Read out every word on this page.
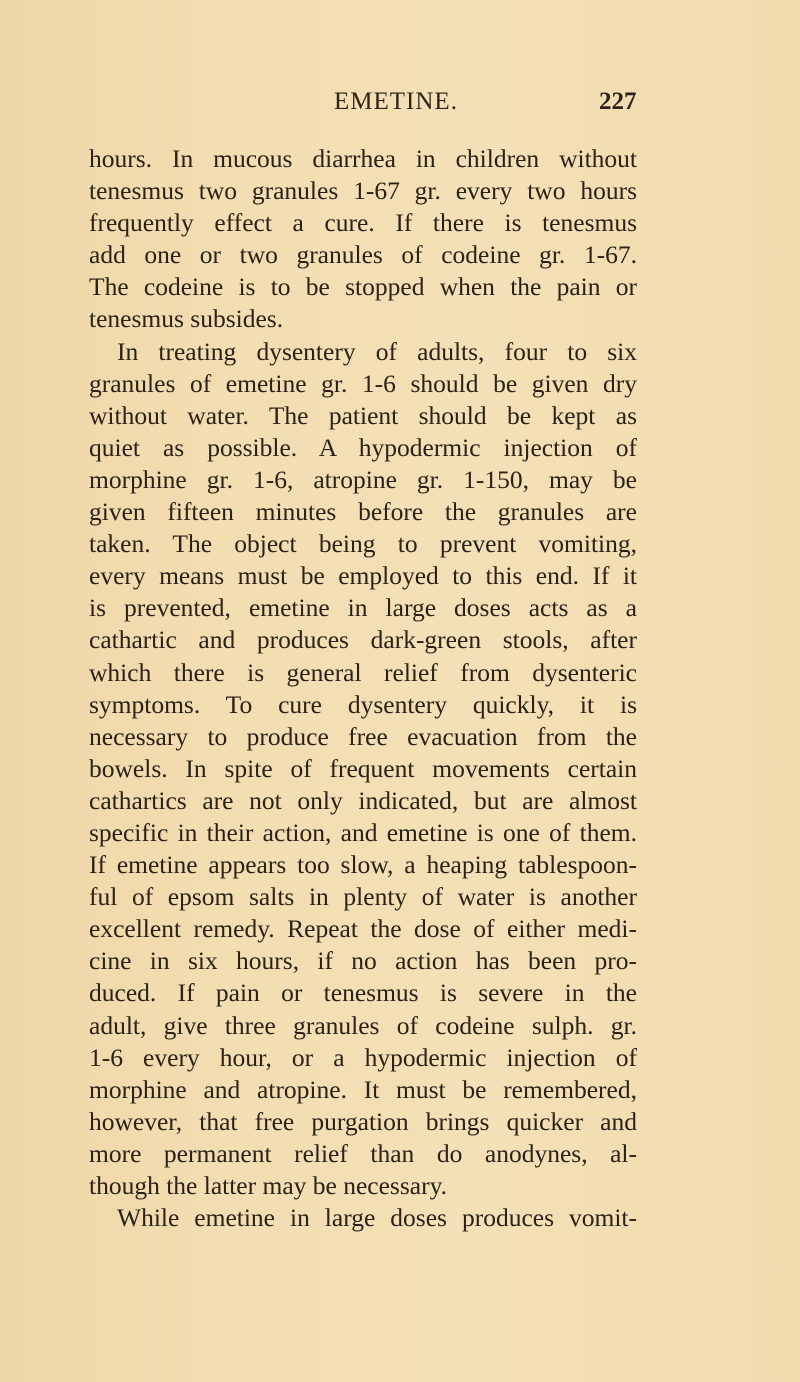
EMETINE.	227
hours. In mucous diarrhea in children without
tenesmus two granules 1-67 gr. every two hours
frequently effect a cure. If there is tenesmus
add one or two granules of codeine gr. 1-67.
The codeine is to be stopped when the pain or
tenesmus subsides.
In treating dysentery of adults, four to six
granules of emetine gr. 1-6 should be given dry
without water. The patient should be kept as
quiet as possible. A hypodermic injection of
morphine gr. 1-6, atropine gr. 1-150, may be
given fifteen minutes before the granules are
taken. The object being to prevent vomiting,
every means must be employed to this end. If it
is prevented, emetine in large doses acts as a
cathartic and produces dark-green stools, after
which there is general relief from dysenteric
symptoms. To cure dysentery quickly, it is
necessary to produce free evacuation from the
bowels. In spite of frequent movements certain
cathartics are not only indicated, but are almost
specific in their action, and emetine is one of them.
If emetine appears too slow, a heaping tablespoon-
ful of epsom salts in plenty of water is another
excellent remedy. Repeat the dose of either medi-
cine in six hours, if no action has been pro-
duced. If pain or tenesmus is severe in the
adult, give three granules of codeine sulph. gr.
1-6 every hour, or a hypodermic injection of
morphine and atropine. It must be remembered,
however, that free purgation brings quicker and
more permanent relief than do anodynes, al-
though the latter may be necessary.
While emetine in large doses produces vomit-
